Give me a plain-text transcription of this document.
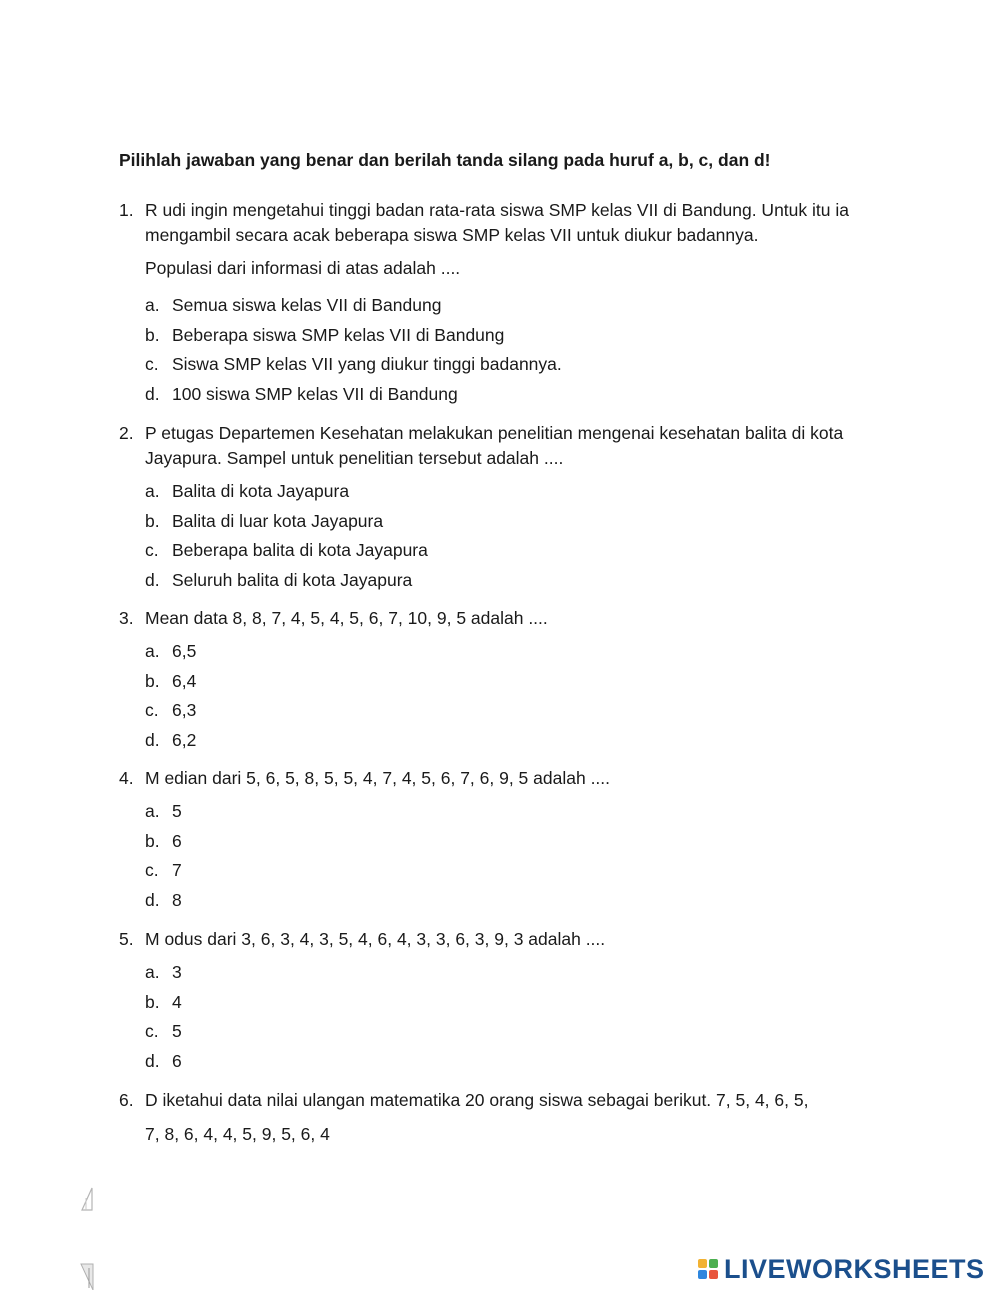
Pilihlah jawaban yang benar dan berilah tanda silang pada huruf a, b, c, dan d!

1. R udi ingin mengetahui tinggi badan rata-rata siswa SMP kelas VII di Bandung. Untuk itu ia mengambil secara acak beberapa siswa SMP kelas VII untuk diukur badannya.
Populasi dari informasi di atas adalah ....
a. Semua siswa kelas VII di Bandung
b. Beberapa siswa SMP kelas VII di Bandung
c. Siswa SMP kelas VII yang diukur tinggi badannya.
d. 100 siswa SMP kelas VII di Bandung
2. P etugas Departemen Kesehatan melakukan penelitian mengenai kesehatan balita di kota Jayapura. Sampel untuk penelitian tersebut adalah ....
a. Balita di kota Jayapura
b. Balita di luar kota Jayapura
c. Beberapa balita di kota Jayapura
d. Seluruh balita di kota Jayapura
3. Mean data 8, 8, 7, 4, 5, 4, 5, 6, 7, 10, 9, 5 adalah ....
a. 6,5
b. 6,4
c. 6,3
d. 6,2
4. M edian dari 5, 6, 5, 8, 5, 5, 4, 7, 4, 5, 6, 7, 6, 9, 5 adalah ....
a. 5
b. 6
c. 7
d. 8
5. M odus dari 3, 6, 3, 4, 3, 5, 4, 6, 4, 3, 3, 6, 3, 9, 3 adalah ....
a. 3
b. 4
c. 5
d. 6
6. D iketahui data nilai ulangan matematika 20 orang siswa sebagai berikut. 7, 5, 4, 6, 5,
7, 8, 6, 4, 4, 5, 9, 5, 6, 4
LIVEWORKSHEETS
